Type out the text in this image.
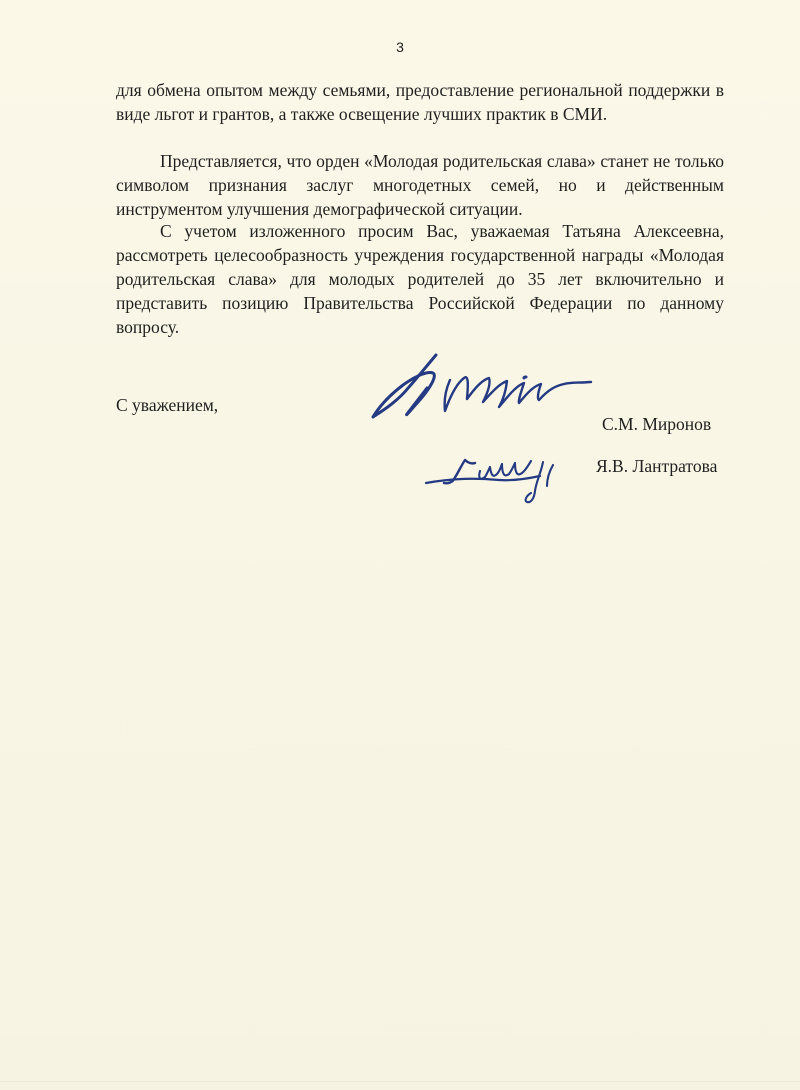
3

для обмена опытом между семьями, предоставление региональной поддержки в виде льгот и грантов, а также освещение лучших практик в СМИ.

Представляется, что орден «Молодая родительская слава» станет не только символом признания заслуг многодетных семей, но и действенным инструментом улучшения демографической ситуации.

С учетом изложенного просим Вас, уважаемая Татьяна Алексеевна, рассмотреть целесообразность учреждения государственной награды «Молодая родительская слава» для молодых родителей до 35 лет включительно и представить позицию Правительства Российской Федерации по данному вопросу.

С уважением,
С.М. Миронов
Я.В. Лантратова
